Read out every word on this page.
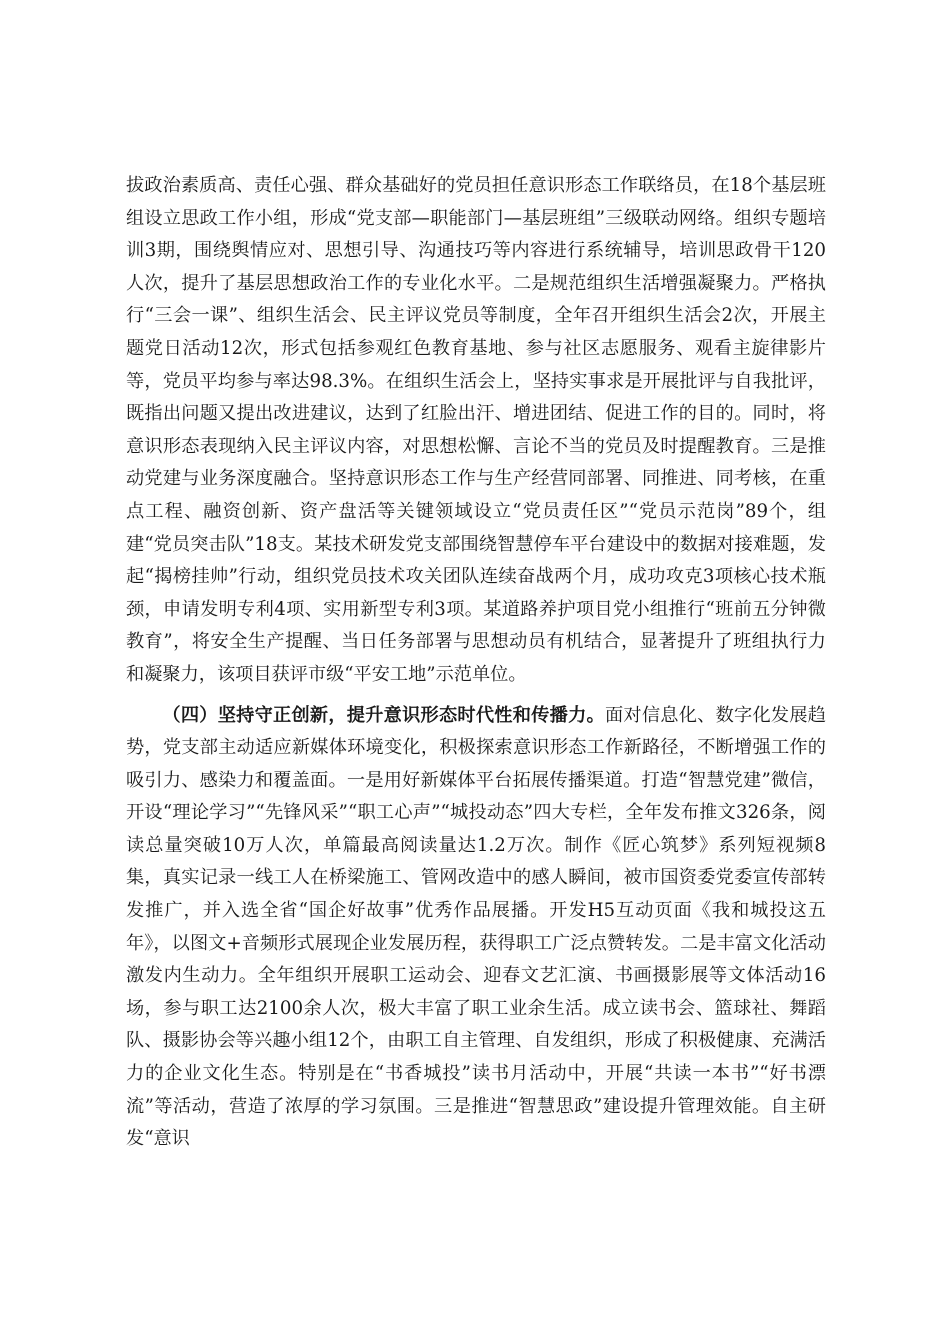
拔政治素质高、责任心强、群众基础好的党员担任意识形态工作联络员，在18个基层班组设立思政工作小组，形成“党支部—职能部门—基层班组”三级联动网络。组织专题培训3期，围绕舆情应对、思想引导、沟通技巧等内容进行系统辅导，培训思政骨干120人次，提升了基层思想政治工作的专业化水平。二是规范组织生活增强凝聚力。严格执行“三会一课”、组织生活会、民主评议党员等制度，全年召开组织生活会2次，开展主题党日活动12次，形式包括参观红色教育基地、参与社区志愿服务、观看主旋律影片等，党员平均参与率达98.3%。在组织生活会上，坚持实事求是开展批评与自我批评，既指出问题又提出改进建议，达到了红脸出汗、增进团结、促进工作的目的。同时，将意识形态表现纳入民主评议内容，对思想松懈、言论不当的党员及时提醒教育。三是推动党建与业务深度融合。坚持意识形态工作与生产经营同部署、同推进、同考核，在重点工程、融资创新、资产盘活等关键领域设立“党员责任区”“党员示范岗”89个，组建“党员突击队”18支。某技术研发党支部围绕智慧停车平台建设中的数据对接难题，发起“揭榜挂帅”行动，组织党员技术攻关团队连续奋战两个月，成功攻克3项核心技术瓶颈，申请发明专利4项、实用新型专利3项。某道路养护项目党小组推行“班前五分钟微教育”，将安全生产提醒、当日任务部署与思想动员有机结合，显著提升了班组执行力和凝聚力，该项目获评市级“平安工地”示范单位。

（四）坚持守正创新，提升意识形态时代性和传播力。面对信息化、数字化发展趋势，党支部主动适应新媒体环境变化，积极探索意识形态工作新路径，不断增强工作的吸引力、感染力和覆盖面。一是用好新媒体平台拓展传播渠道。打造“智慧党建”微信，开设“理论学习”“先锋风采”“职工心声”“城投动态”四大专栏，全年发布推文326条，阅读总量突破10万人次，单篇最高阅读量达1.2万次。制作《匠心筑梦》系列短视频8集，真实记录一线工人在桥梁施工、管网改造中的感人瞬间，被市国资委党委宣传部转发推广，并入选全省“国企好故事”优秀作品展播。开发H5互动页面《我和城投这五年》，以图文+音频形式展现企业发展历程，获得职工广泛点赞转发。二是丰富文化活动激发内生动力。全年组织开展职工运动会、迎春文艺汇演、书画摄影展等文体活动16场，参与职工达2100余人次，极大丰富了职工业余生活。成立读书会、篮球社、舞蹈队、摄影协会等兴趣小组12个，由职工自主管理、自发组织，形成了积极健康、充满活力的企业文化生态。特别是在“书香城投”读书月活动中，开展“共读一本书”“好书漂流”等活动，营造了浓厚的学习氛围。三是推进“智慧思政”建设提升管理效能。自主研发“意识
